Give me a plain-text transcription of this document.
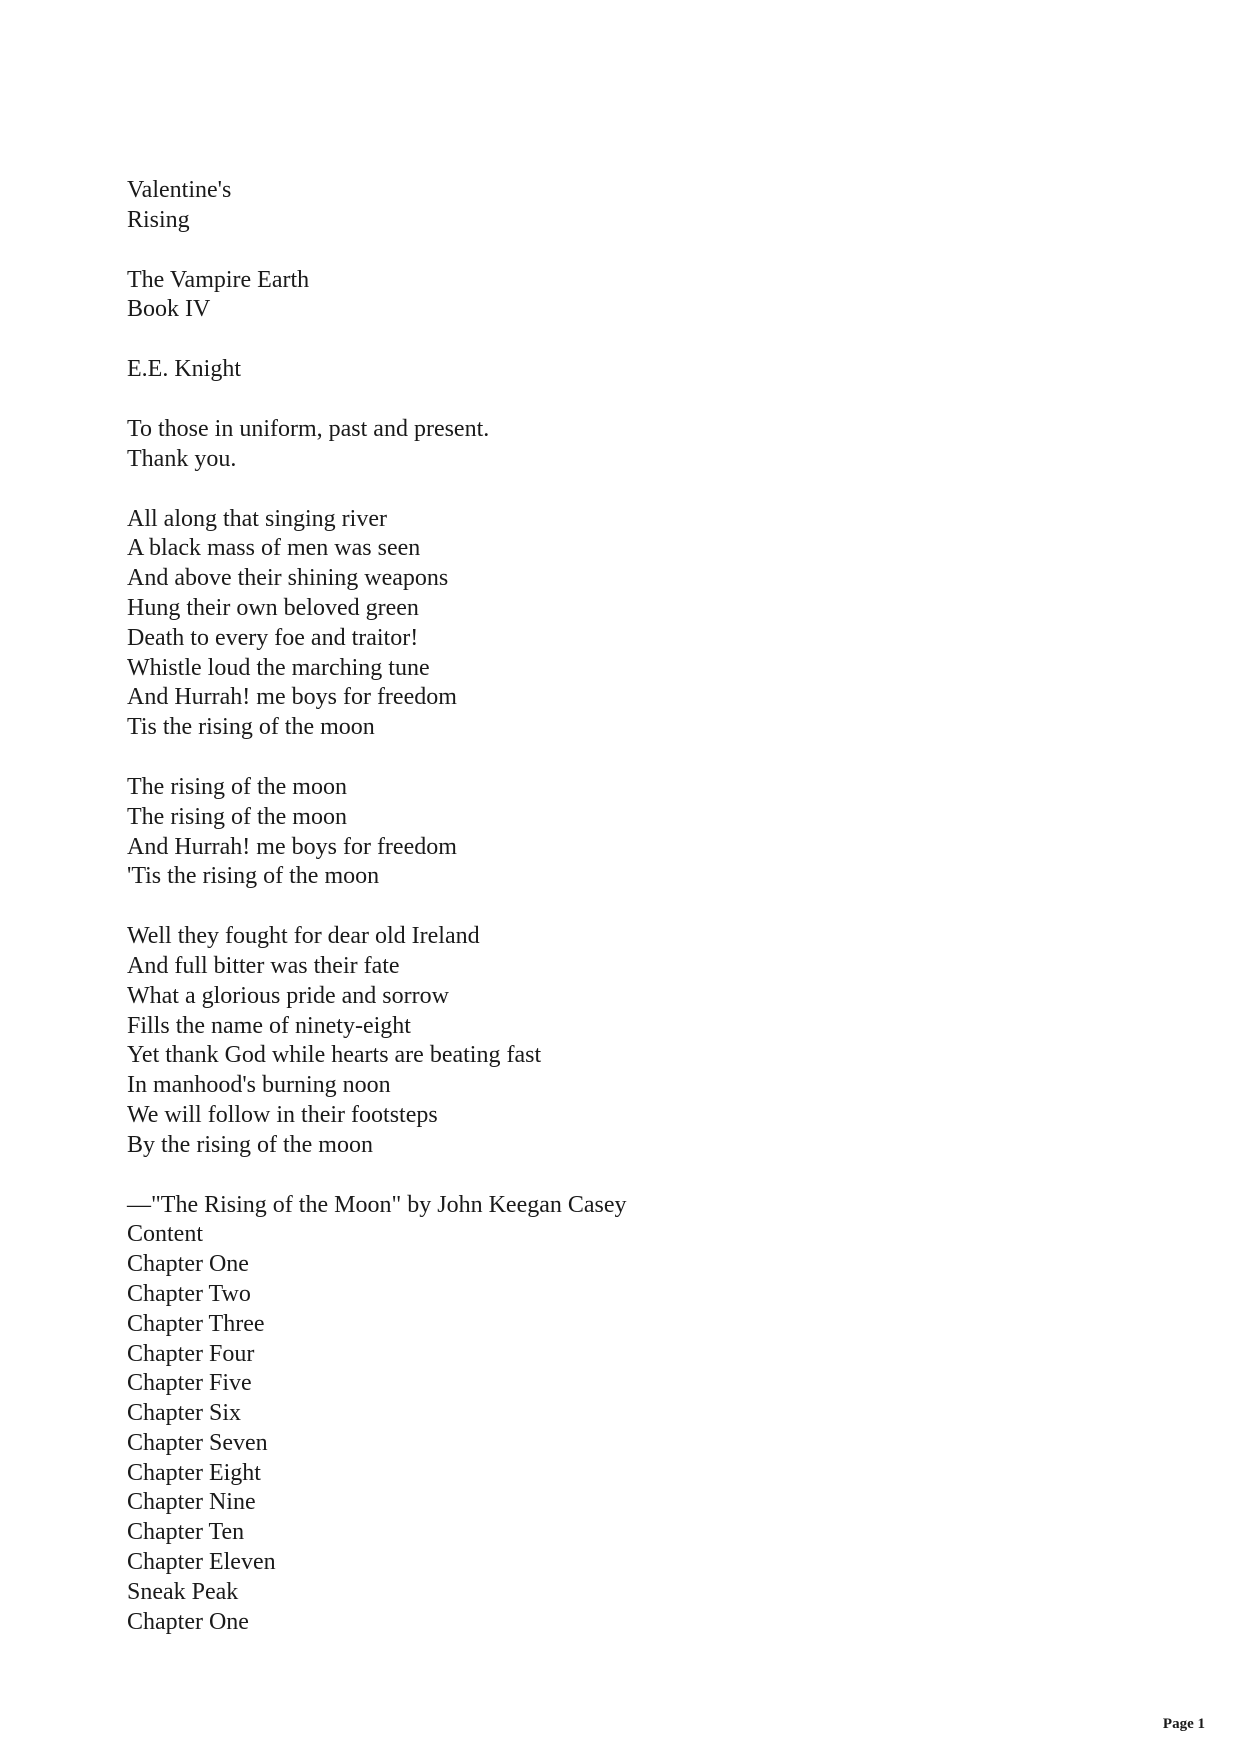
Valentine's
Rising
The Vampire Earth
Book IV
E.E. Knight
To those in uniform, past and present.
Thank you.
All along that singing river
A black mass of men was seen
And above their shining weapons
Hung their own beloved green
Death to every foe and traitor!
Whistle loud the marching tune
And Hurrah! me boys for freedom
Tis the rising of the moon
The rising of the moon
The rising of the moon
And Hurrah! me boys for freedom
'Tis the rising of the moon
Well they fought for dear old Ireland
And full bitter was their fate
What a glorious pride and sorrow
Fills the name of ninety-eight
Yet thank God while hearts are beating fast
In manhood's burning noon
We will follow in their footsteps
By the rising of the moon
—"The Rising of the Moon" by John Keegan Casey
Content
Chapter One
Chapter Two
Chapter Three
Chapter Four
Chapter Five
Chapter Six
Chapter Seven
Chapter Eight
Chapter Nine
Chapter Ten
Chapter Eleven
Sneak Peak
Chapter One
Page 1
